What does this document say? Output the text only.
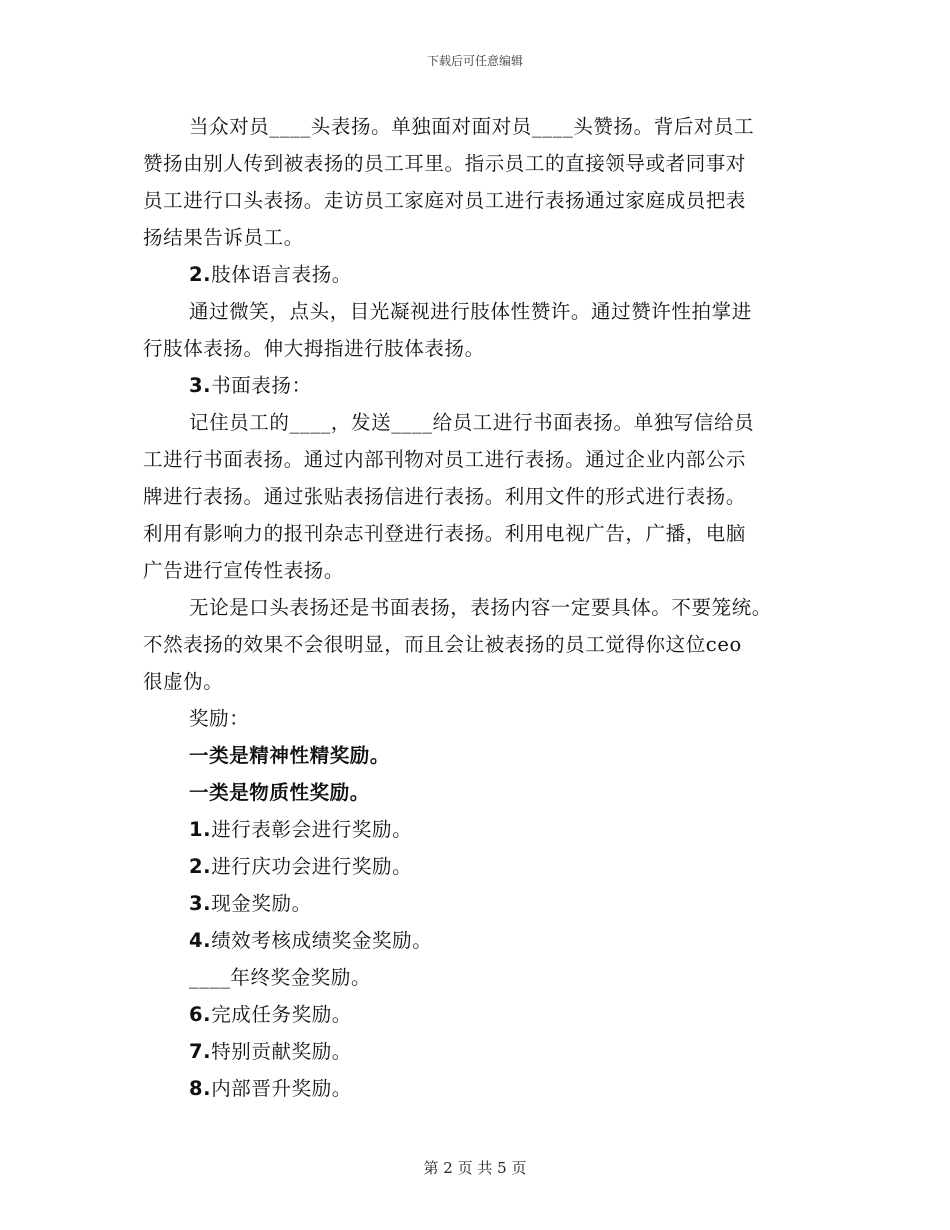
下载后可任意编辑

当众对员____头表扬。单独面对面对员____头赞扬。背后对员工

赞扬由别人传到被表扬的员工耳里。指示员工的直接领导或者同事对

员工进行口头表扬。走访员工家庭对员工进行表扬通过家庭成员把表

扬结果告诉员工。

2.肢体语言表扬。

通过微笑，点头，目光凝视进行肢体性赞许。通过赞许性拍掌进

行肢体表扬。伸大拇指进行肢体表扬。

3.书面表扬：

记住员工的____，发送____给员工进行书面表扬。单独写信给员

工进行书面表扬。通过内部刊物对员工进行表扬。通过企业内部公示

牌进行表扬。通过张贴表扬信进行表扬。利用文件的形式进行表扬。

利用有影响力的报刊杂志刊登进行表扬。利用电视广告，广播，电脑

广告进行宣传性表扬。

无论是口头表扬还是书面表扬，表扬内容一定要具体。不要笼统。

不然表扬的效果不会很明显，而且会让被表扬的员工觉得你这位ceo

很虚伪。

奖励：

一类是精神性精奖励。

一类是物质性奖励。

1.进行表彰会进行奖励。

2.进行庆功会进行奖励。

3.现金奖励。

4.绩效考核成绩奖金奖励。

____年终奖金奖励。

6.完成任务奖励。

7.特别贡献奖励。

8.内部晋升奖励。

第 2 页 共 5 页
